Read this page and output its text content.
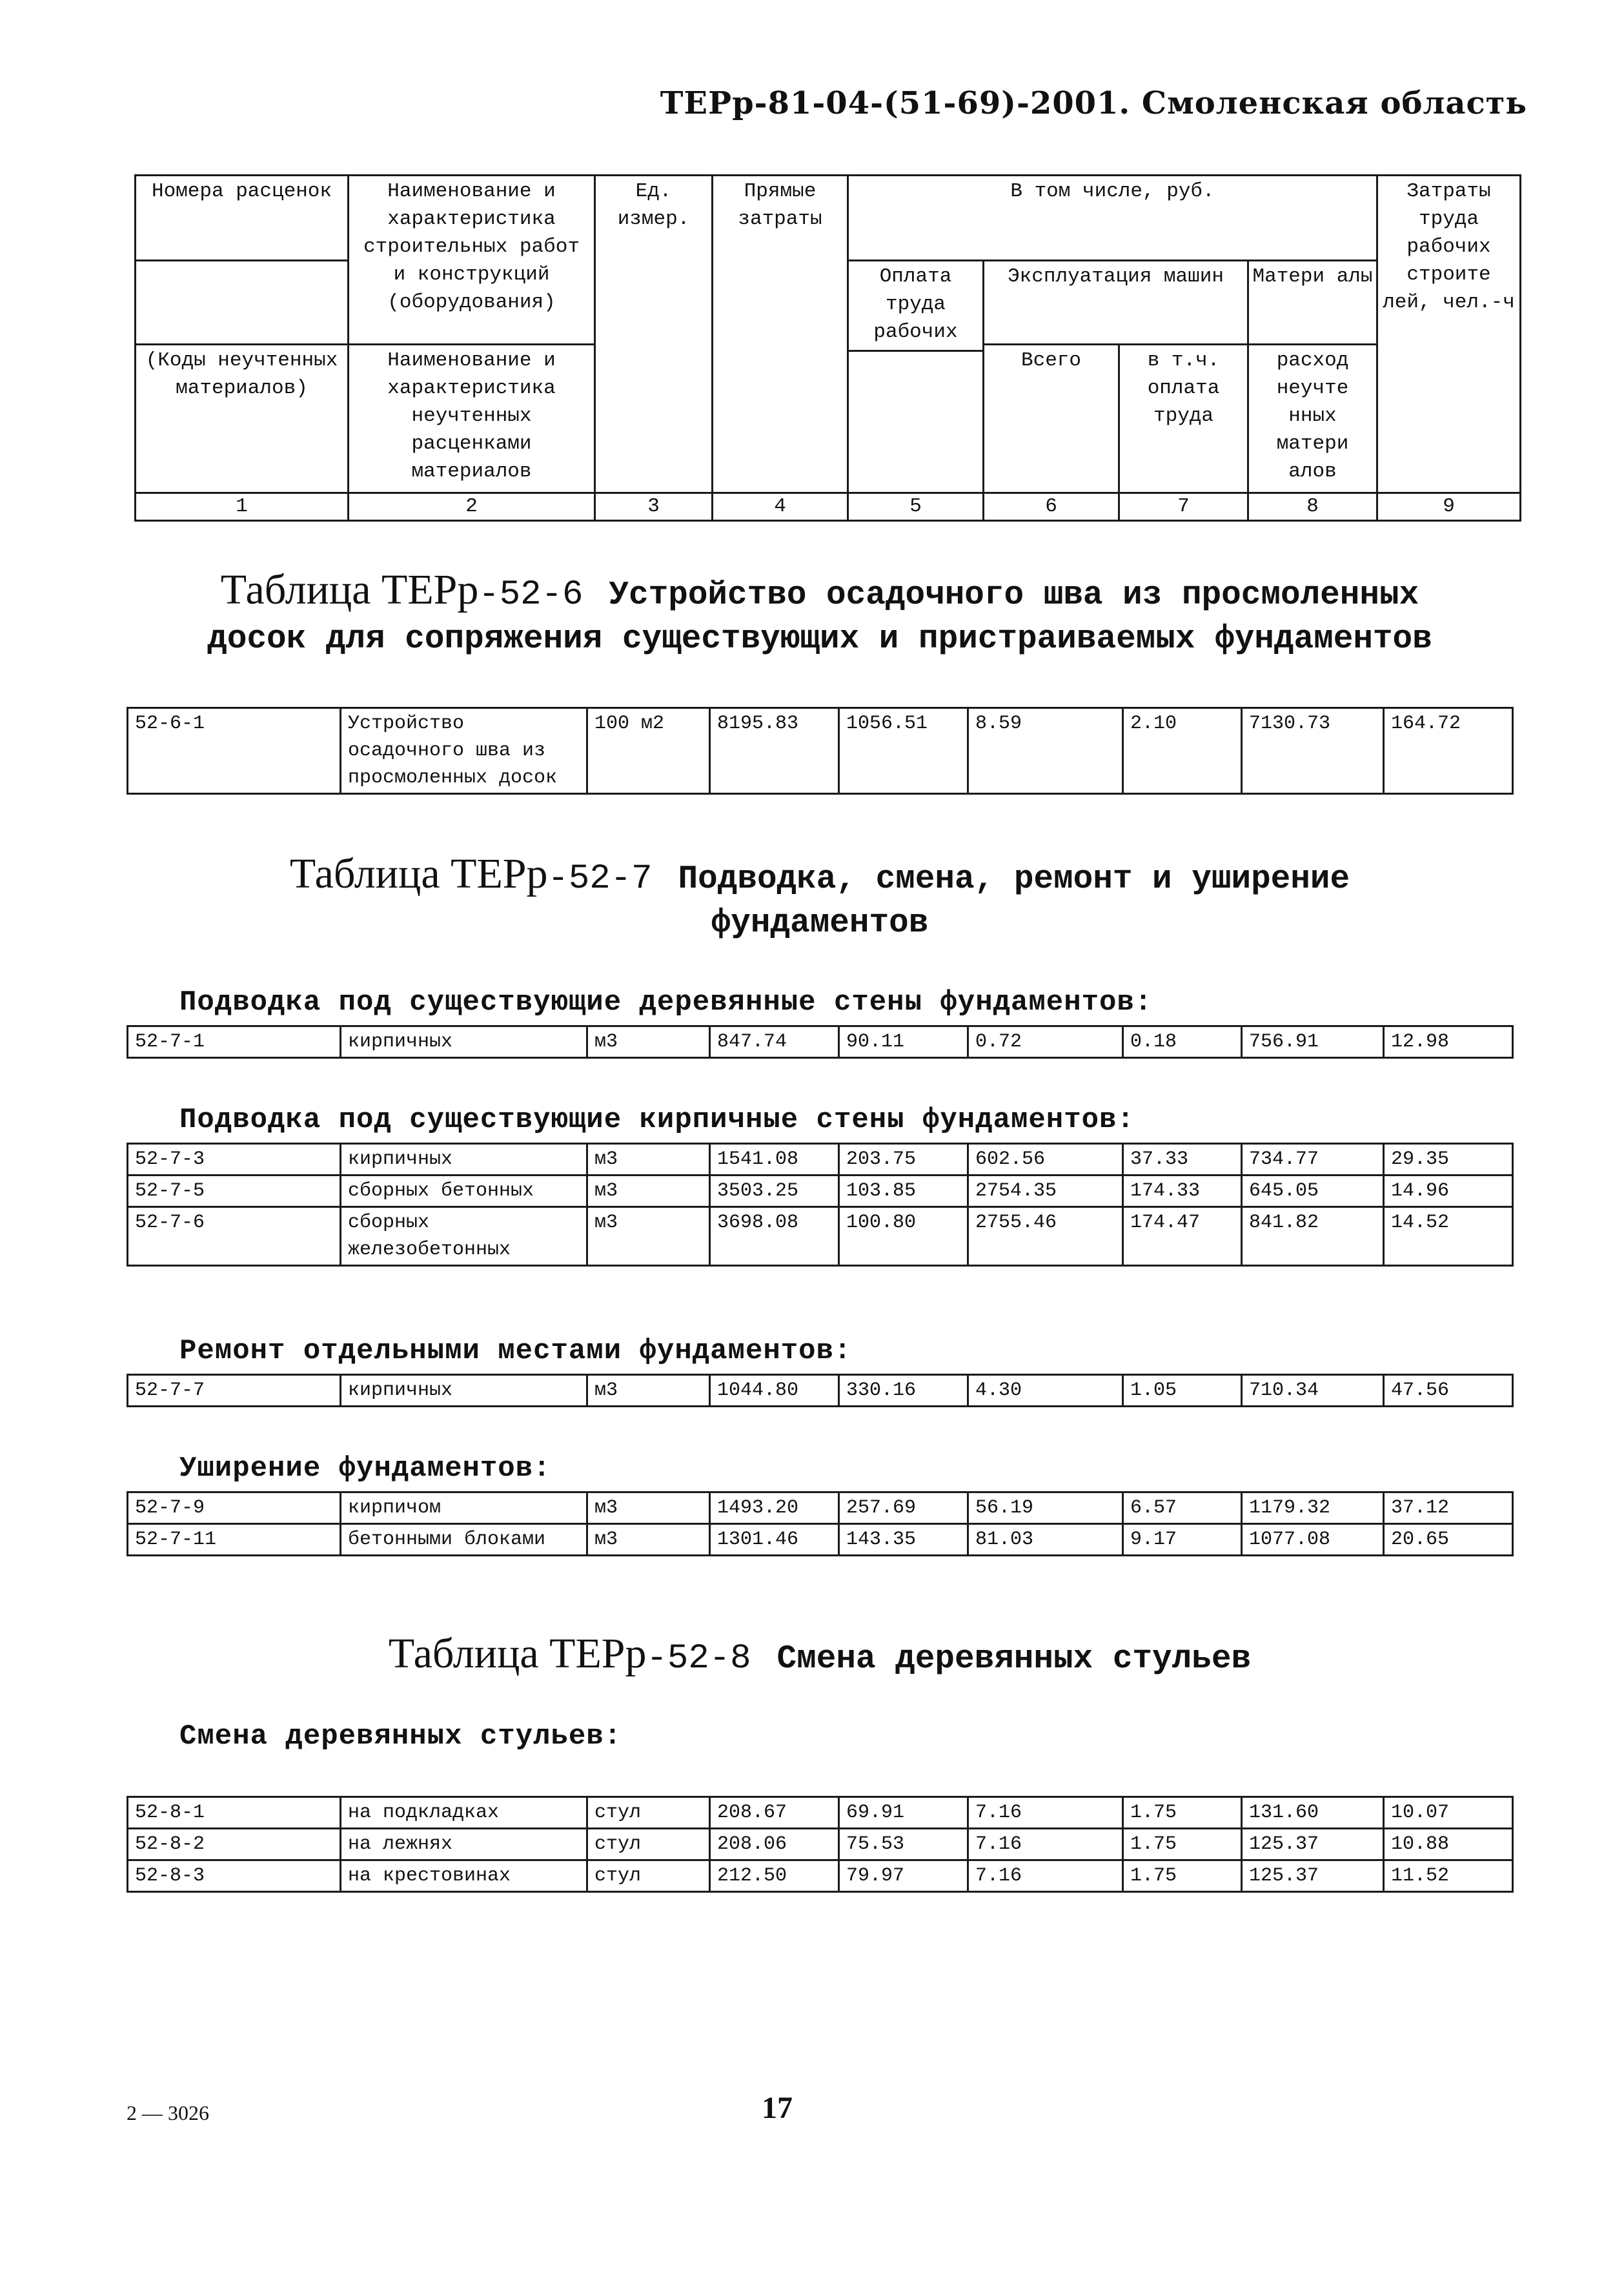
ТЕРр-81-04-(51-69)-2001. Смоленская область
Номера расценок	Наименование и характеристика строительных работ и конструкций (оборудования)	Ед. измер.	Прямые затраты	В том числе, руб.				Затраты труда рабочих строите лей, чел.-ч
				Оплата труда рабочих	Эксплуатация машин		Матери алы	
(Коды неучтенных материалов)	Наименование и характеристика неучтенных расценками материалов				Всего	в т.ч. оплата труда	расход неучте нных матери алов	

1	2	3	4	5	6	7	8	9
Таблица ТЕРр-52-6 Устройство осадочного шва из просмоленных досок для сопряжения существующих и пристраиваемых фундаментов
52-6-1	Устройство осадочного шва из просмоленных досок	100 м2	8195.83	1056.51	8.59	2.10	7130.73	164.72
Таблица ТЕРр-52-7 Подводка, смена, ремонт и уширение фундаментов
Подводка под существующие деревянные стены фундаментов:
52-7-1	кирпичных	м3	847.74	90.11	0.72	0.18	756.91	12.98
Подводка под существующие кирпичные стены фундаментов:
52-7-3	кирпичных	м3	1541.08	203.75	602.56	37.33	734.77	29.35
52-7-5	сборных бетонных	м3	3503.25	103.85	2754.35	174.33	645.05	14.96
52-7-6	сборных железобетонных	м3	3698.08	100.80	2755.46	174.47	841.82	14.52
Ремонт отдельными местами фундаментов:
52-7-7	кирпичных	м3	1044.80	330.16	4.30	1.05	710.34	47.56
Уширение фундаментов:
52-7-9	кирпичом	м3	1493.20	257.69	56.19	6.57	1179.32	37.12
52-7-11	бетонными блоками	м3	1301.46	143.35	81.03	9.17	1077.08	20.65
Таблица ТЕРр-52-8 Смена деревянных стульев
Смена деревянных стульев:
52-8-1	на подкладках	стул	208.67	69.91	7.16	1.75	131.60	10.07
52-8-2	на лежнях	стул	208.06	75.53	7.16	1.75	125.37	10.88
52-8-3	на крестовинах	стул	212.50	79.97	7.16	1.75	125.37	11.52
2 — 3026	17
